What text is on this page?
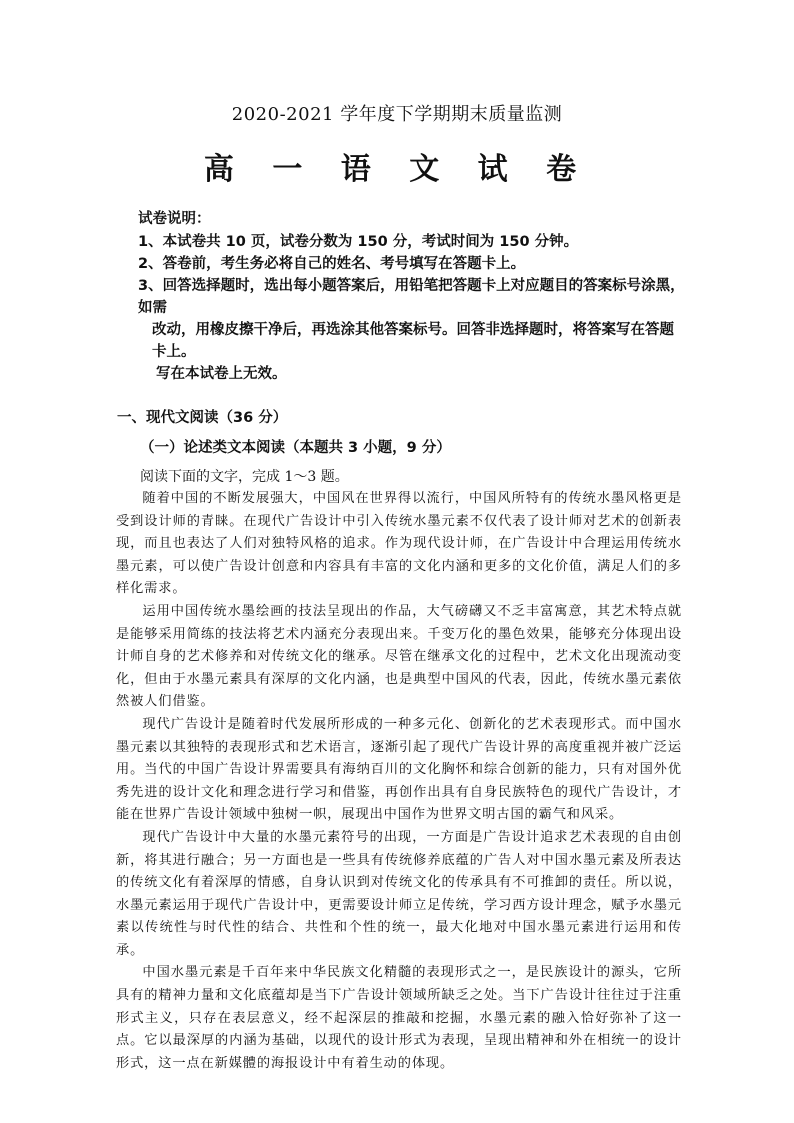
2020-2021 学年度下学期期末质量监测
高 一 语 文 试 卷

试卷说明：

1、本试卷共 10 页，试卷分数为 150 分，考试时间为 150 分钟。

2、答卷前，考生务必将自己的姓名、考号填写在答题卡上。

3、回答选择题时，选出每小题答案后，用铅笔把答题卡上对应题目的答案标号涂黑，如需

改动，用橡皮擦干净后，再选涂其他答案标号。回答非选择题时，将答案写在答题卡上。

写在本试卷上无效。

一、现代文阅读（36 分）
（一）论述类文本阅读（本题共 3 小题，9 分）
阅读下面的文字，完成 1～3 题。

随着中国的不断发展强大，中国风在世界得以流行，中国风所特有的传统水墨风格更是受到设计师的青睐。在现代广告设计中引入传统水墨元素不仅代表了设计师对艺术的创新表现，而且也表达了人们对独特风格的追求。作为现代设计师，在广告设计中合理运用传统水墨元素，可以使广告设计创意和内容具有丰富的文化内涵和更多的文化价值，满足人们的多样化需求。

运用中国传统水墨绘画的技法呈现出的作品，大气磅礴又不乏丰富寓意，其艺术特点就是能够采用简练的技法将艺术内涵充分表现出来。千变万化的墨色效果，能够充分体现出设计师自身的艺术修养和对传统文化的继承。尽管在继承文化的过程中，艺术文化出现流动变化，但由于水墨元素具有深厚的文化内涵，也是典型中国风的代表，因此，传统水墨元素依然被人们借鉴。

现代广告设计是随着时代发展所形成的一种多元化、创新化的艺术表现形式。而中国水墨元素以其独特的表现形式和艺术语言，逐渐引起了现代广告设计界的高度重视并被广泛运用。当代的中国广告设计界需要具有海纳百川的文化胸怀和综合创新的能力，只有对国外优秀先进的设计文化和理念进行学习和借鉴，再创作出具有自身民族特色的现代广告设计，才能在世界广告设计领域中独树一帜，展现出中国作为世界文明古国的霸气和风采。

现代广告设计中大量的水墨元素符号的出现，一方面是广告设计追求艺术表现的自由创新，将其进行融合；另一方面也是一些具有传统修养底蕴的广告人对中国水墨元素及所表达的传统文化有着深厚的情感，自身认识到对传统文化的传承具有不可推卸的责任。所以说，水墨元素运用于现代广告设计中，更需要设计师立足传统，学习西方设计理念，赋予水墨元素以传统性与时代性的结合、共性和个性的统一，最大化地对中国水墨元素进行运用和传承。

中国水墨元素是千百年来中华民族文化精髓的表现形式之一，是民族设计的源头，它所具有的精神力量和文化底蕴却是当下广告设计领域所缺乏之处。当下广告设计往往过于注重形式主义，只存在表层意义，经不起深层的推敲和挖掘，水墨元素的融入恰好弥补了这一点。它以最深厚的内涵为基础，以现代的设计形式为表现，呈现出精神和外在相统一的设计形式，这一点在新媒體的海报设计中有着生动的体现。
